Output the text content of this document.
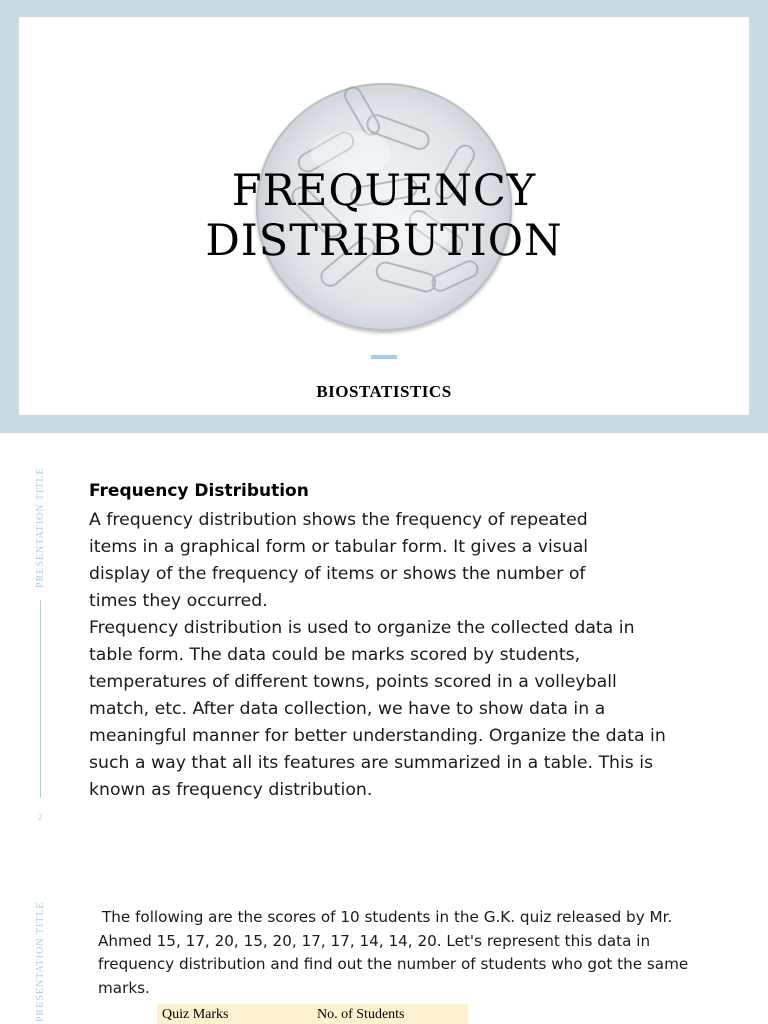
FREQUENCY
DISTRIBUTION
BIOSTATISTICS
PRESENTATION TITLE
2
Frequency Distribution

A frequency distribution shows the frequency of repeated items in a graphical form or tabular form. It gives a visual display of the frequency of items or shows the number of times they occurred.

Frequency distribution is used to organize the collected data in table form. The data could be marks scored by students, temperatures of different towns, points scored in a volleyball match, etc. After data collection, we have to show data in a meaningful manner for better understanding. Organize the data in such a way that all its features are summarized in a table. This is known as frequency distribution.

PRESENTATION TITLE	The following are the scores of 10 students in the G.K. quiz released by Mr. Ahmed 15, 17, 20, 15, 20, 17, 17, 14, 14, 20. Let's represent this data in frequency distribution and find out the number of students who got the same marks.

Quiz Marks	No. of Students
